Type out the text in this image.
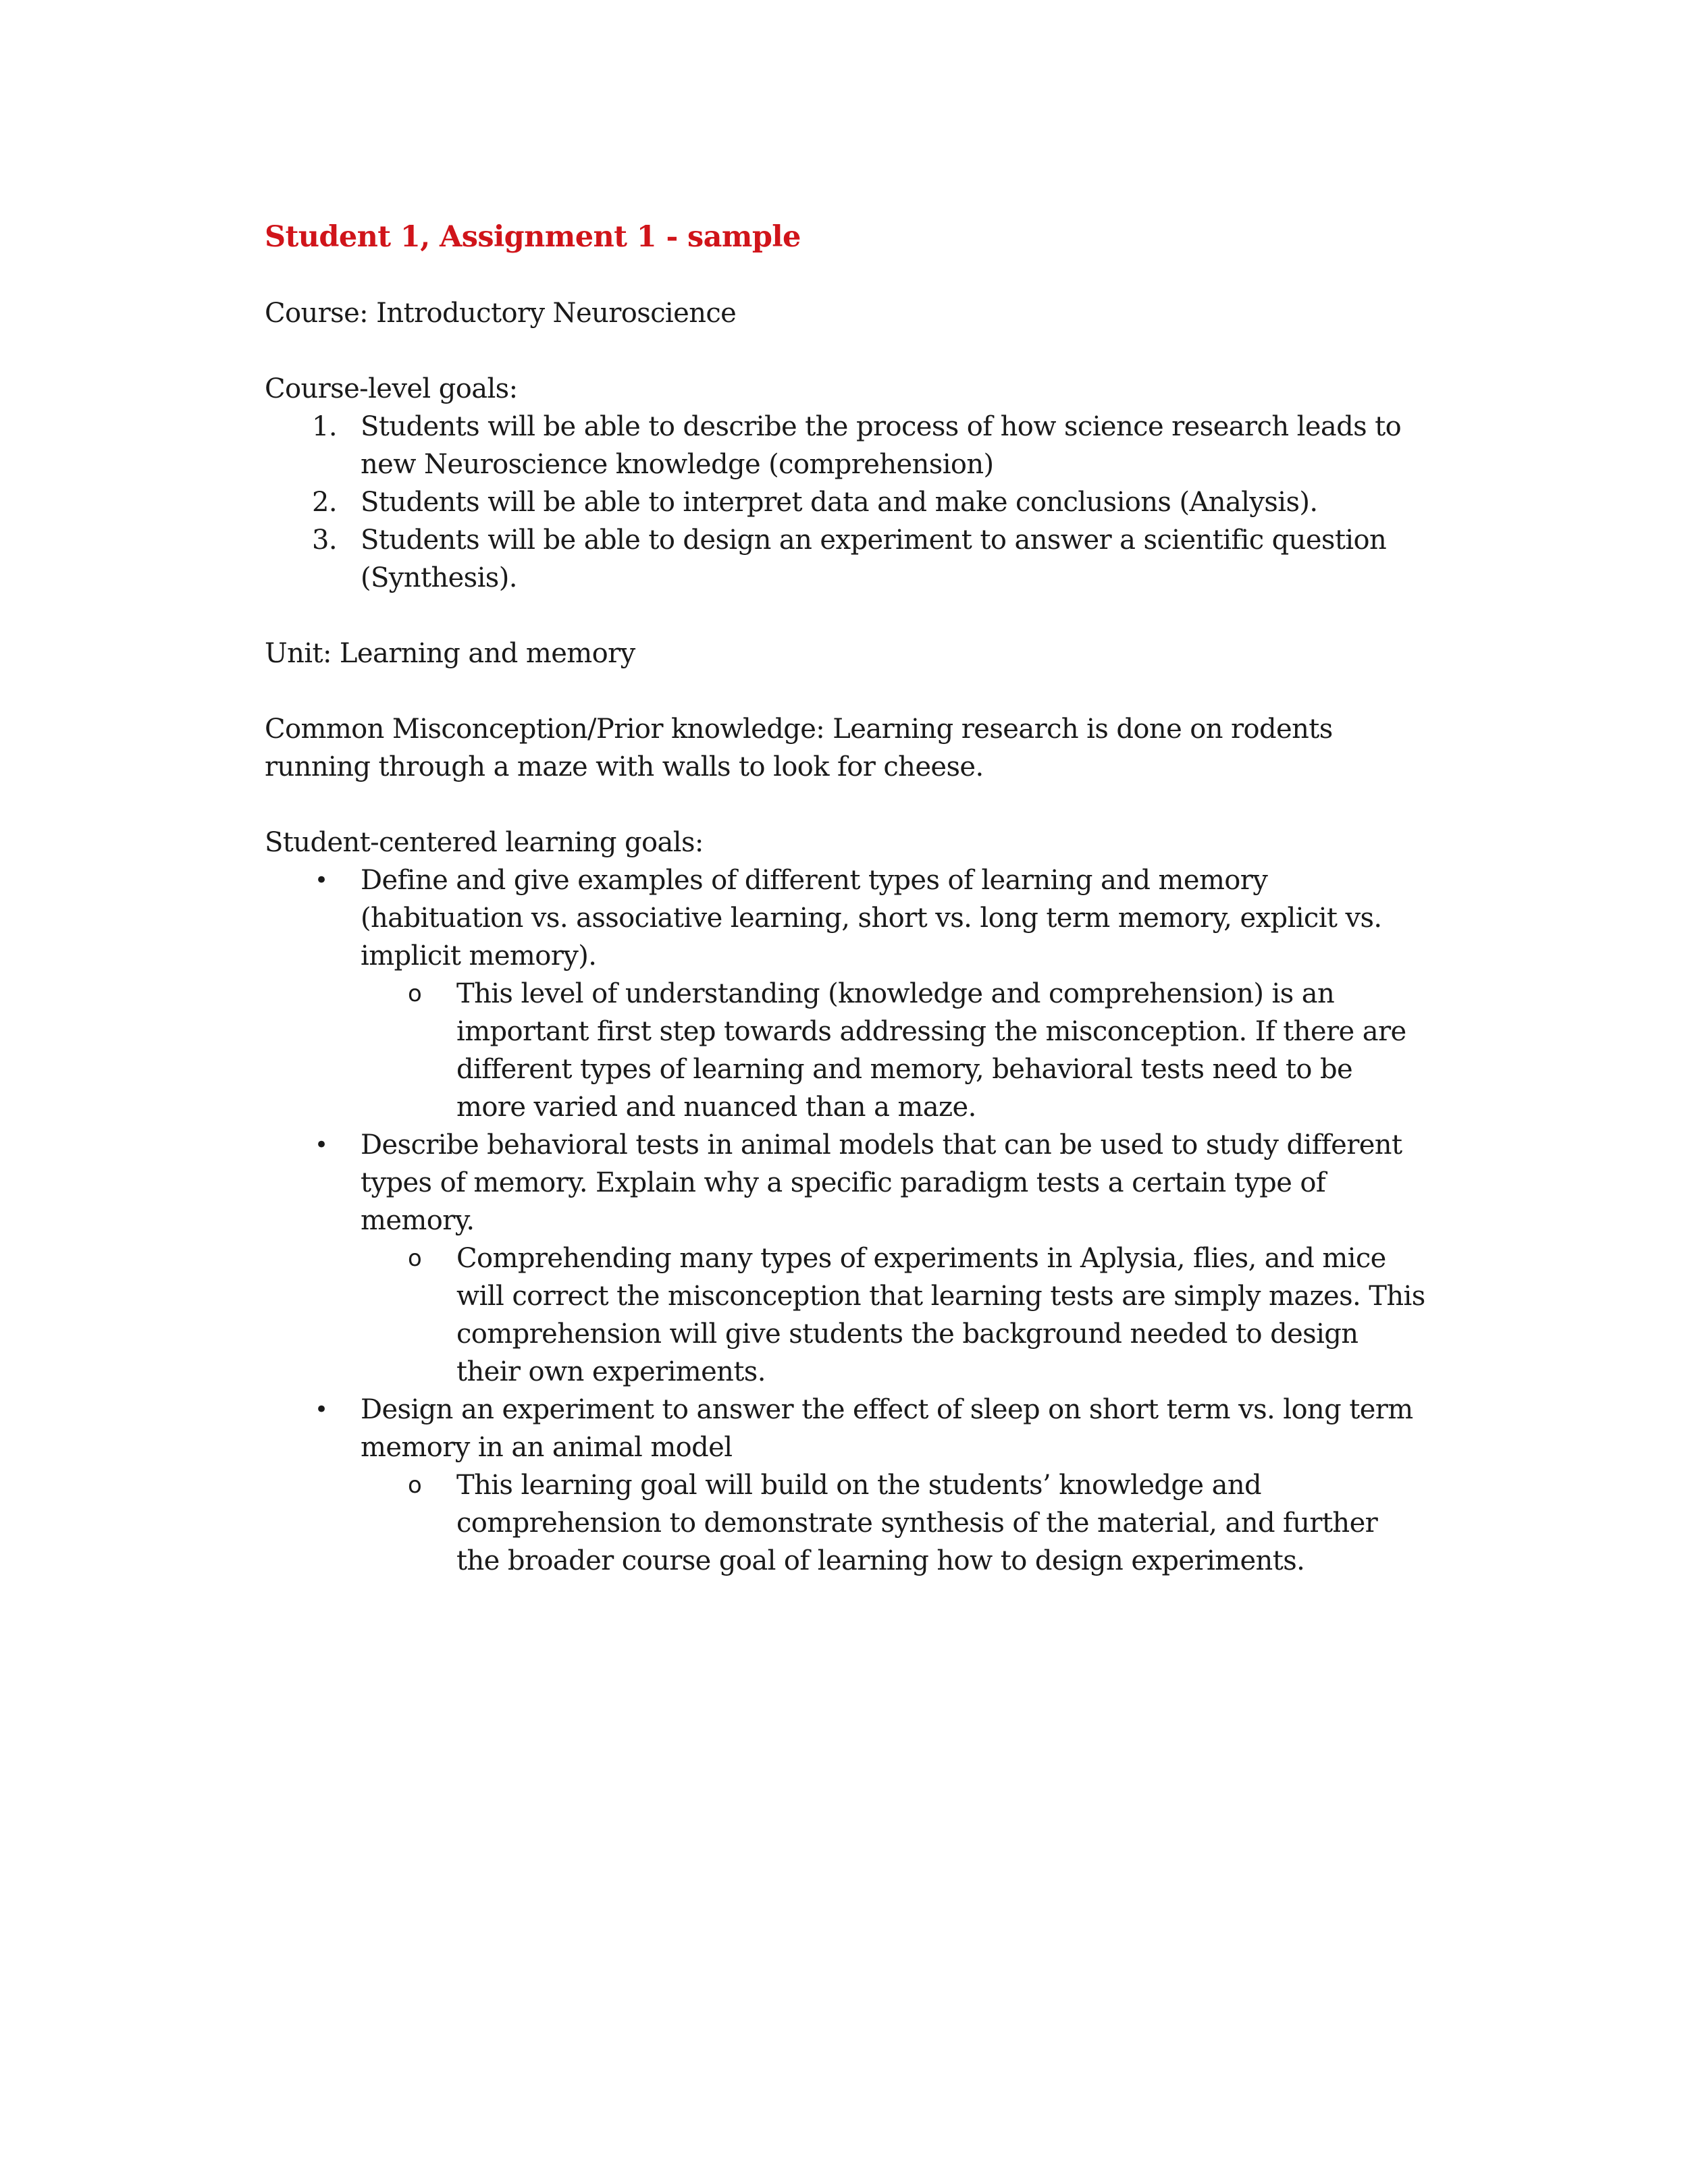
Student 1, Assignment 1 - sample

Course: Introductory Neuroscience

Course-level goals:

1. Students will be able to describe the process of how science research leads to new Neuroscience knowledge (comprehension)
2. Students will be able to interpret data and make conclusions (Analysis).
3. Students will be able to design an experiment to answer a scientific question (Synthesis).

Unit: Learning and memory

Common Misconception/Prior knowledge: Learning research is done on rodents running through a maze with walls to look for cheese.

Student-centered learning goals:

• Define and give examples of different types of learning and memory (habituation vs. associative learning, short vs. long term memory, explicit vs. implicit memory).
o This level of understanding (knowledge and comprehension) is an important first step towards addressing the misconception. If there are different types of learning and memory, behavioral tests need to be more varied and nuanced than a maze.
• Describe behavioral tests in animal models that can be used to study different types of memory. Explain why a specific paradigm tests a certain type of memory.
o Comprehending many types of experiments in Aplysia, flies, and mice will correct the misconception that learning tests are simply mazes. This comprehension will give students the background needed to design their own experiments.
• Design an experiment to answer the effect of sleep on short term vs. long term memory in an animal model
o This learning goal will build on the students’ knowledge and comprehension to demonstrate synthesis of the material, and further the broader course goal of learning how to design experiments.
